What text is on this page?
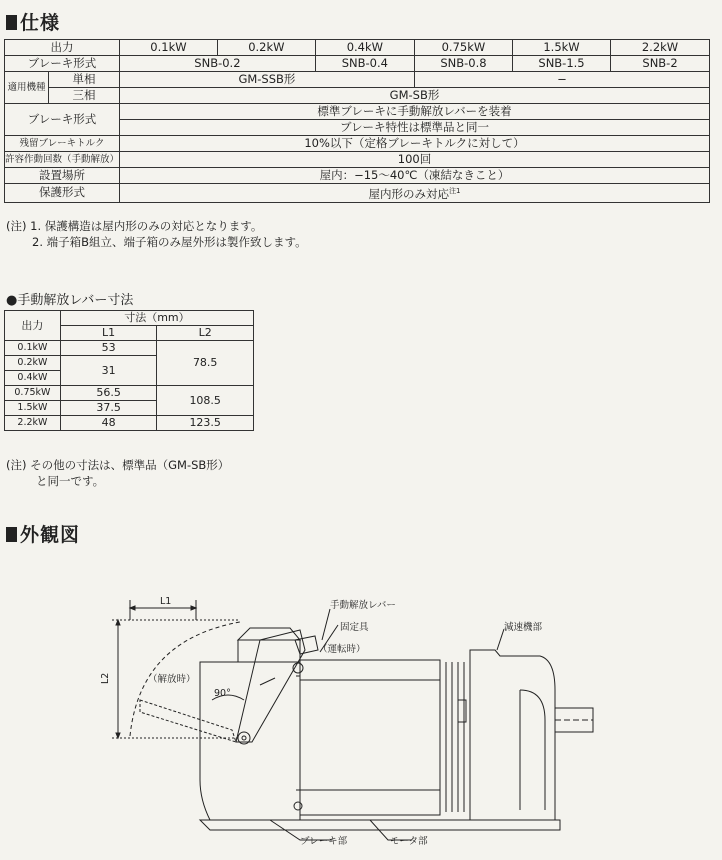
仕様
出力		0.1kW	0.2kW	0.4kW	0.75kW	1.5kW	2.2kW
ブレーキ形式		SNB-0.2		SNB-0.4	SNB-0.8	SNB-1.5	SNB-2
適用機種	単相	GM-SSB形			−		
	三相	GM-SB形					
ブレーキ形式		標準ブレーキに手動解放レバーを装着					
		ブレーキ特性は標準品と同一					
残留ブレーキトルク		10%以下（定格ブレーキトルクに対して）					
許容作動回数（手動解放）		100回					
設置場所		屋内：−15〜40℃（凍結なきこと）					
保護形式		屋内形のみ対応$^{注1}$
(注) 1. 保護構造は屋内形のみの対応となります。
2. 端子箱B組立、端子箱のみ屋外形は製作致します。
●手動解放レバー寸法
出力	寸法（mm）	
	L1	L2
0.1kW	53	78.5
0.2kW	31	
0.4kW		
0.75kW	56.5	108.5
1.5kW	37.5	
2.2kW	48	123.5
(注) その他の寸法は、標準品（GM-SB形）
と同一です。
外観図
L1
L2	（解放時）
90°
手動解放レバー
固定具
（運転時）
減速機部
ブレーキ部	モータ部
